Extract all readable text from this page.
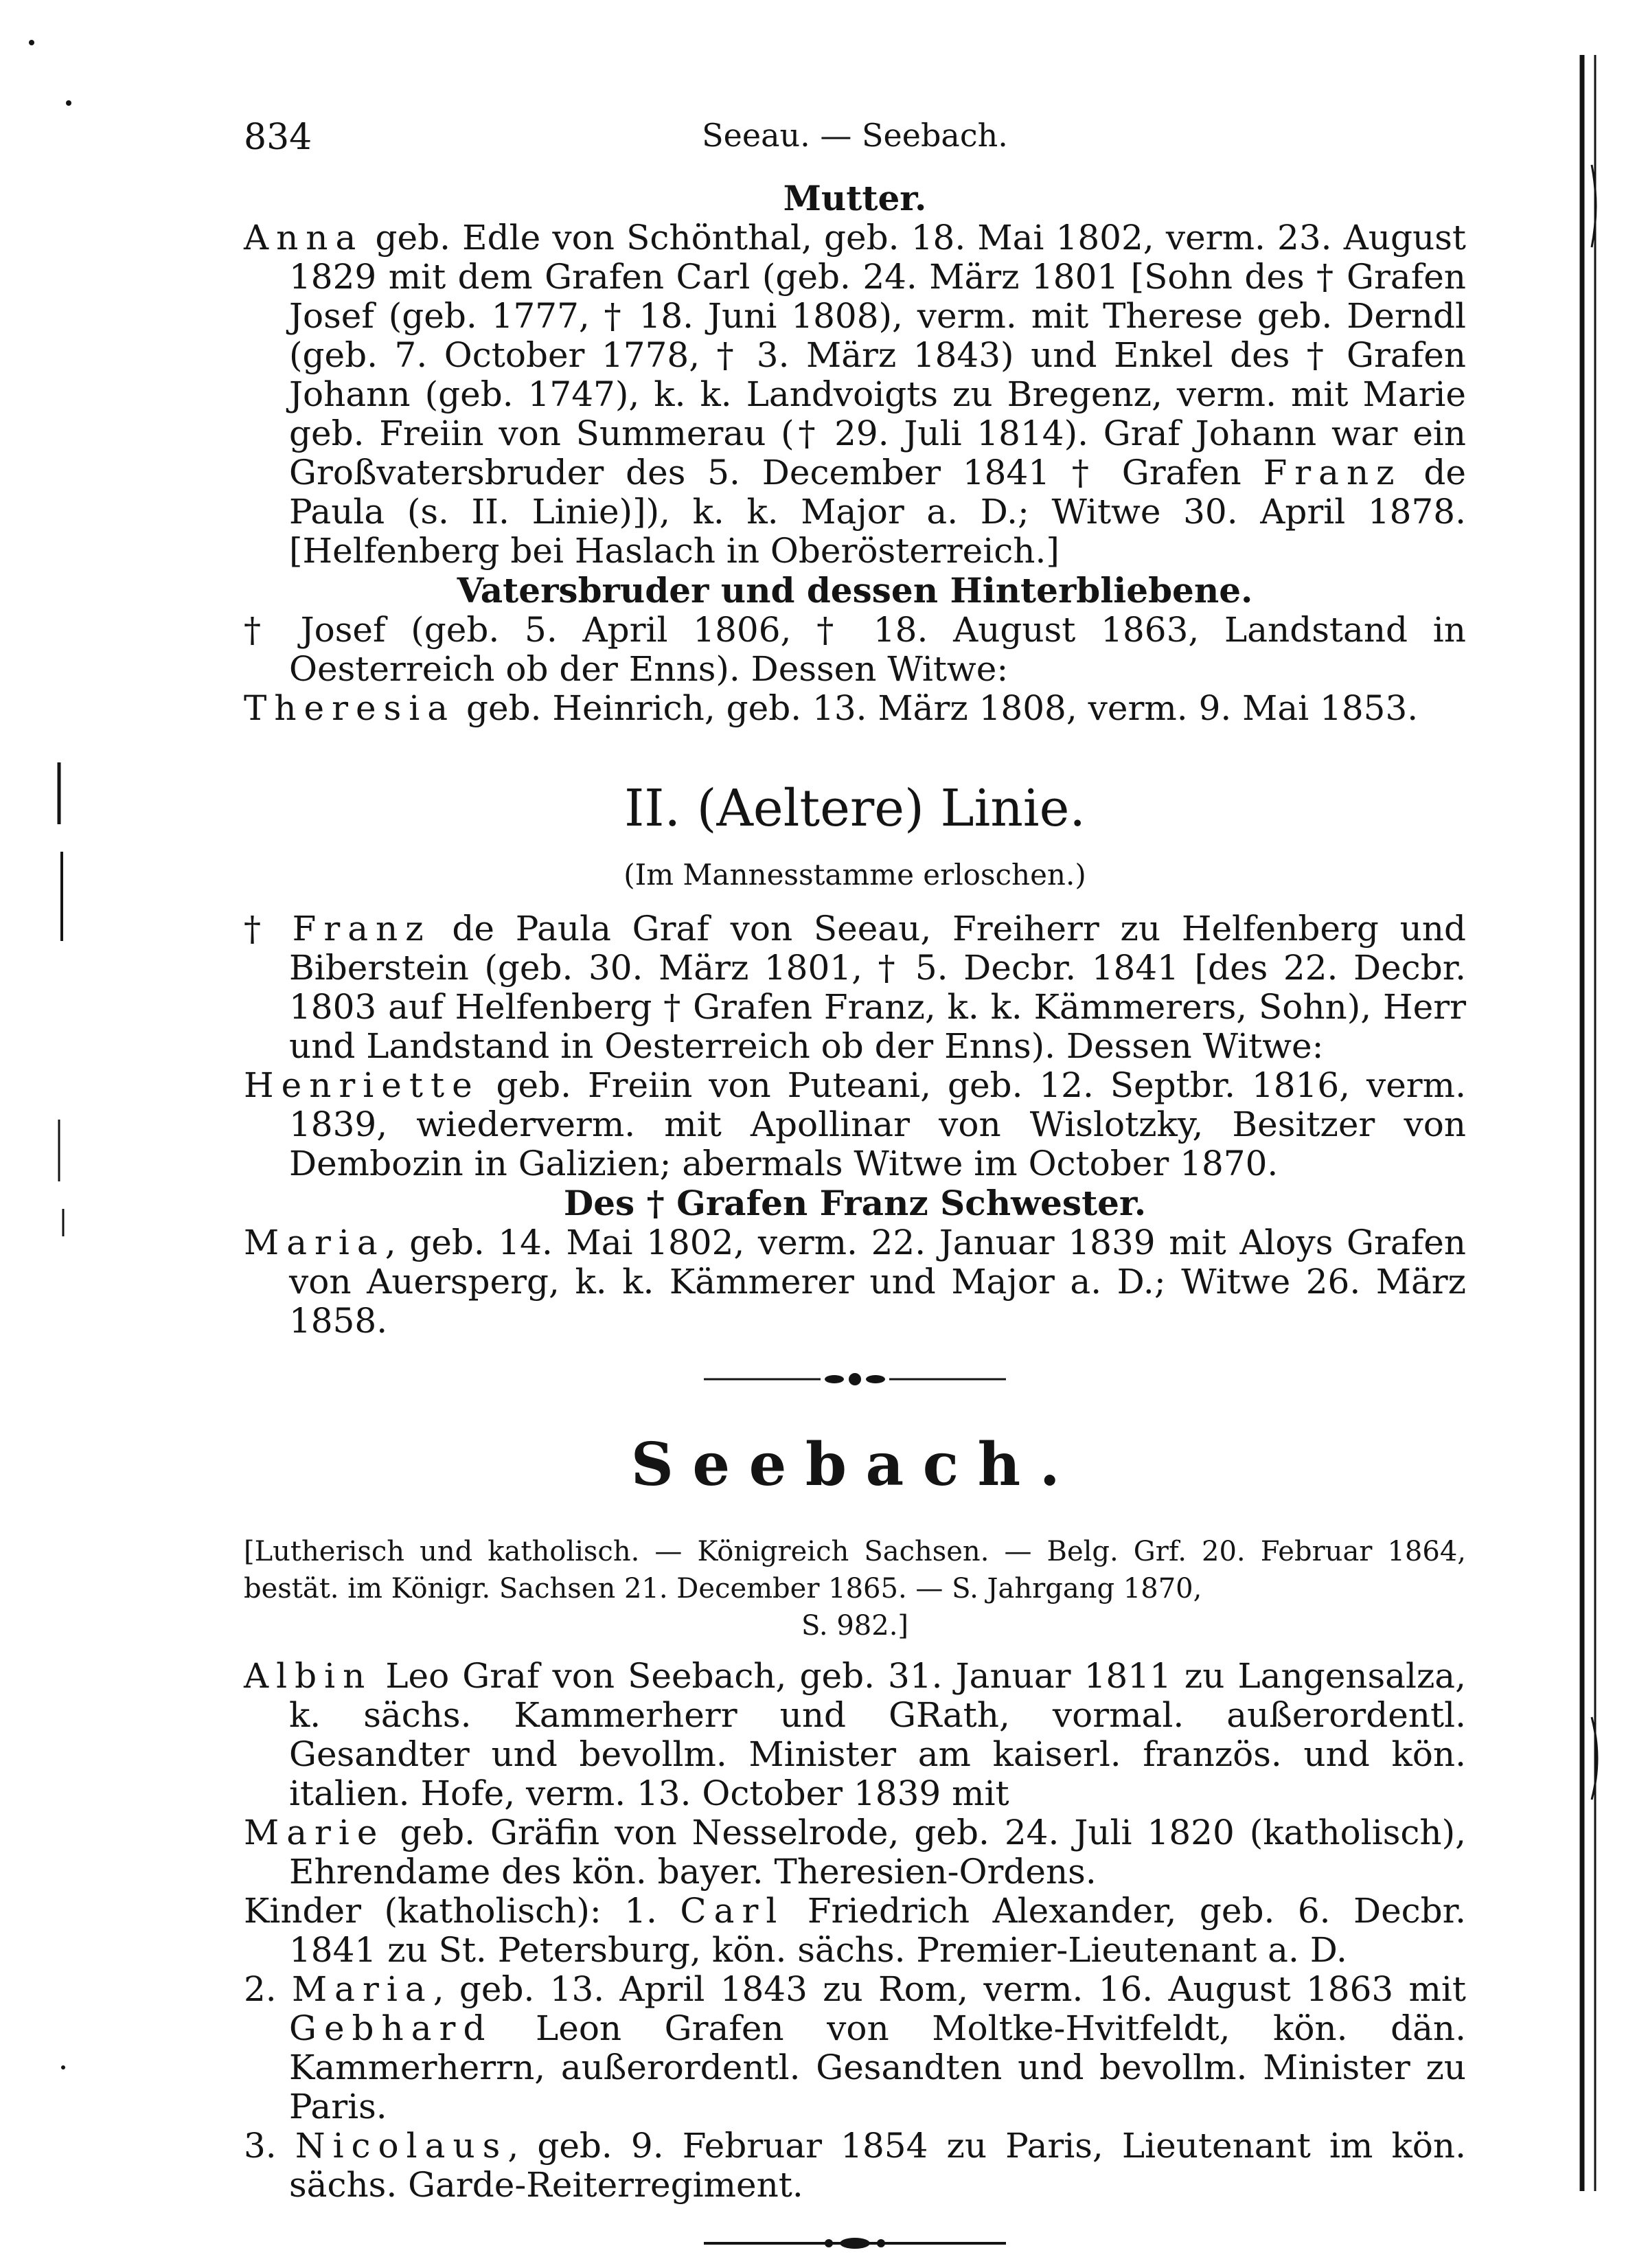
834	Seeau. — Seebach.
Mutter.
Anna geb. Edle von Schönthal, geb. 18. Mai 1802, verm. 23. August 1829 mit dem Grafen Carl (geb. 24. März 1801 [Sohn des † Grafen Josef (geb. 1777, † 18. Juni 1808), verm. mit Therese geb. Derndl (geb. 7. October 1778, † 3. März 1843) und Enkel des † Grafen Johann (geb. 1747), k. k. Landvoigts zu Bregenz, verm. mit Marie geb. Freiin von Summerau († 29. Juli 1814). Graf Johann war ein Großvatersbruder des 5. December 1841 † Grafen Franz de Paula (s. II. Linie)]), k. k. Major a. D.; Witwe 30. April 1878. [Helfenberg bei Haslach in Oberösterreich.]
Vatersbruder und dessen Hinterbliebene.
† Josef (geb. 5. April 1806, † 18. August 1863, Landstand in Oesterreich ob der Enns). Dessen Witwe:
Theresia geb. Heinrich, geb. 13. März 1808, verm. 9. Mai 1853.
II. (Aeltere) Linie.
(Im Mannesstamme erloschen.)
† Franz de Paula Graf von Seeau, Freiherr zu Helfenberg und Biberstein (geb. 30. März 1801, † 5. Decbr. 1841 [des 22. Decbr. 1803 auf Helfenberg † Grafen Franz, k. k. Kämmerers, Sohn), Herr und Landstand in Oesterreich ob der Enns). Dessen Witwe:
Henriette geb. Freiin von Puteani, geb. 12. Septbr. 1816, verm. 1839, wiederverm. mit Apollinar von Wislotzky, Besitzer von Dembozin in Galizien; abermals Witwe im October 1870.
Des † Grafen Franz Schwester.
Maria, geb. 14. Mai 1802, verm. 22. Januar 1839 mit Aloys Grafen von Auersperg, k. k. Kämmerer und Major a. D.; Witwe 26. März 1858.
Seebach.
[Lutherisch und katholisch. — Königreich Sachsen. — Belg. Grf. 20. Februar 1864, bestät. im Königr. Sachsen 21. December 1865. — S. Jahrgang 1870,
S. 982.]
Albin Leo Graf von Seebach, geb. 31. Januar 1811 zu Langensalza, k. sächs. Kammerherr und GRath, vormal. außerordentl. Gesandter und bevollm. Minister am kaiserl. französ. und kön. italien. Hofe, verm. 13. October 1839 mit
Marie geb. Gräfin von Nesselrode, geb. 24. Juli 1820 (katholisch), Ehrendame des kön. bayer. Theresien-Ordens.
Kinder (katholisch): 1. Carl Friedrich Alexander, geb. 6. Decbr. 1841 zu St. Petersburg, kön. sächs. Premier-Lieutenant a. D.
2. Maria, geb. 13. April 1843 zu Rom, verm. 16. August 1863 mit Gebhard Leon Grafen von Moltke-Hvitfeldt, kön. dän. Kammerherrn, außerordentl. Gesandten und bevollm. Minister zu Paris.
3. Nicolaus, geb. 9. Februar 1854 zu Paris, Lieutenant im kön. sächs. Garde-Reiterregiment.
